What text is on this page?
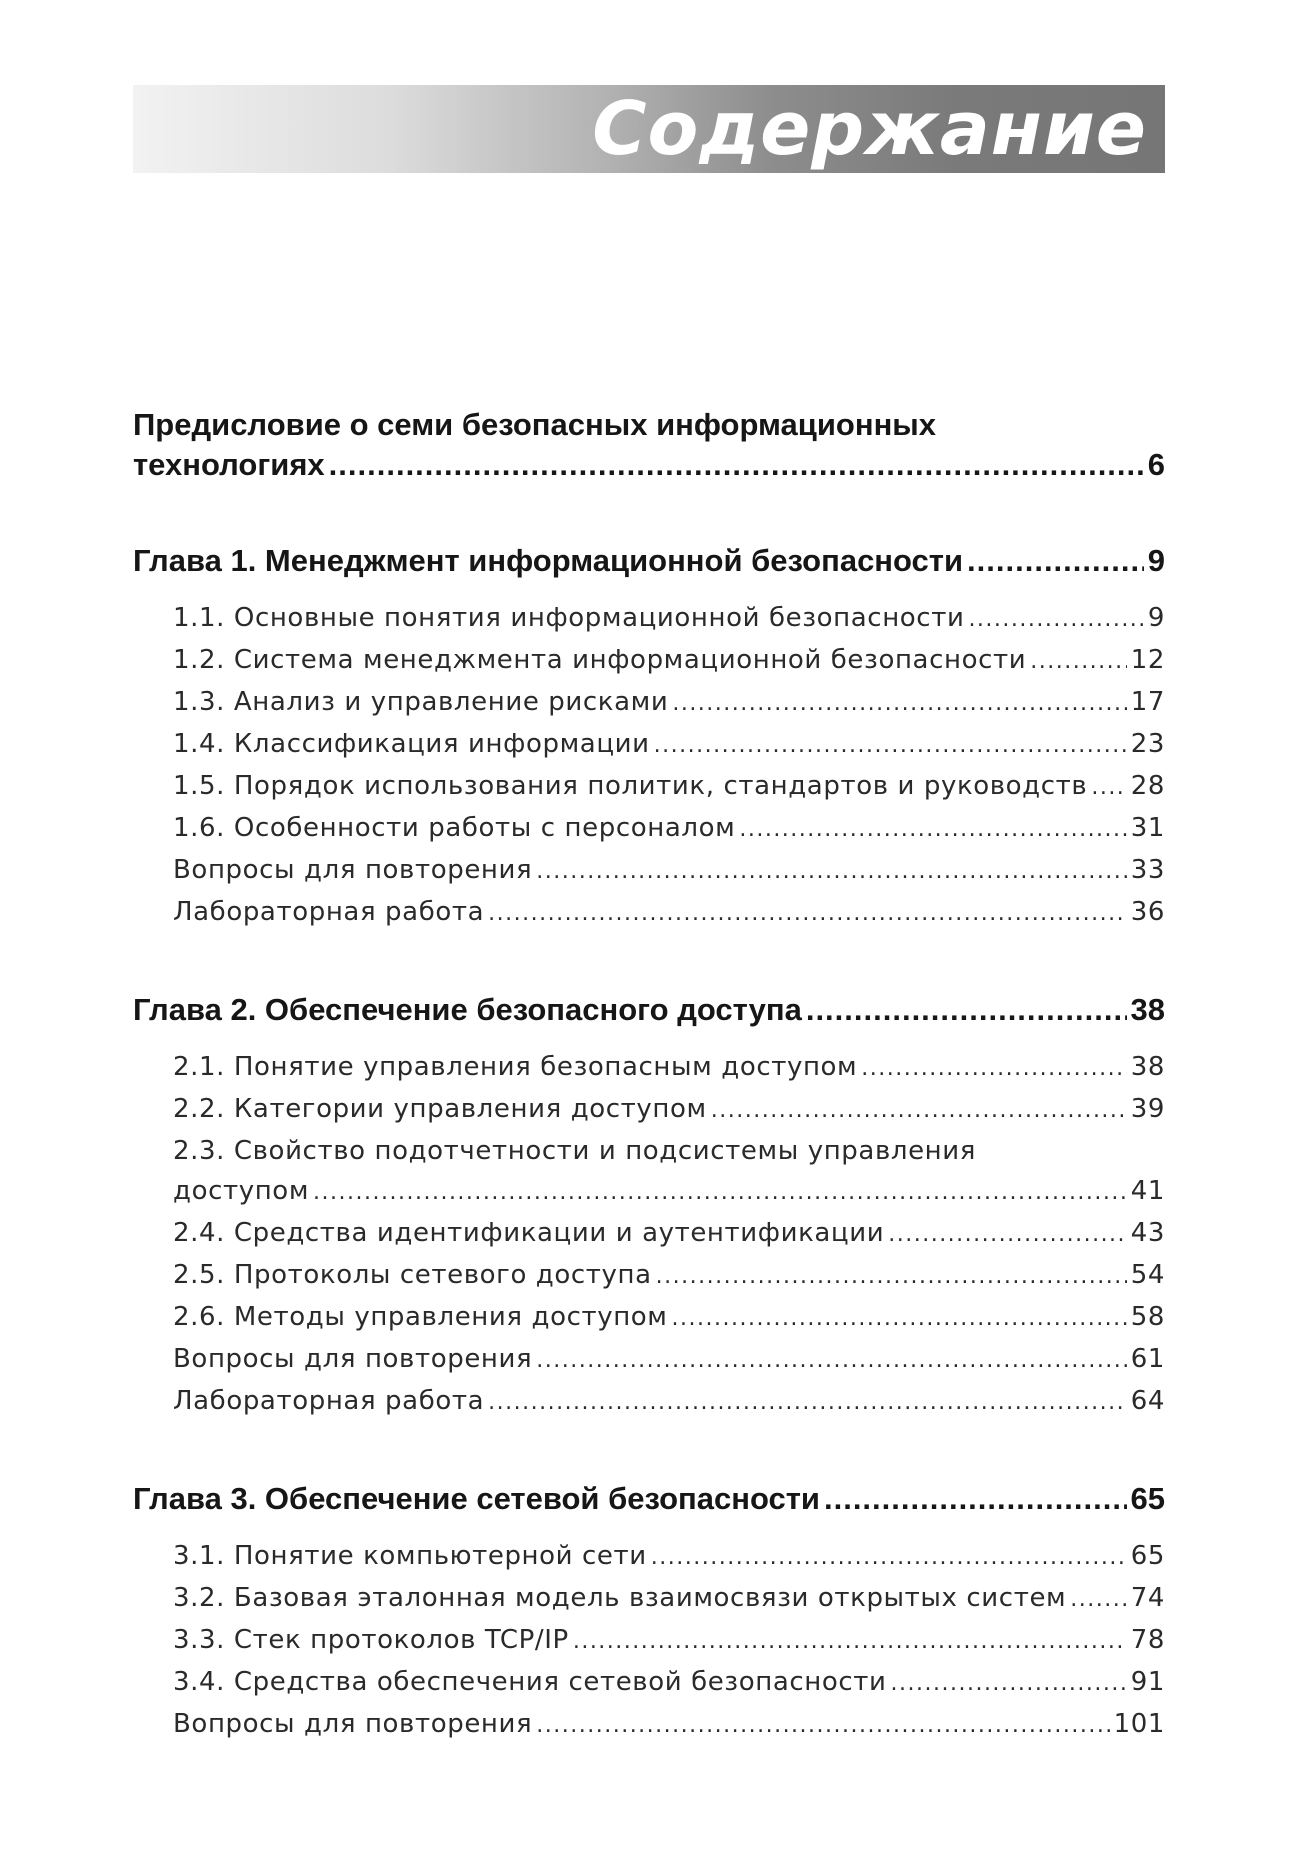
Содержание
Предисловие о семи безопасных информационных
технологиях .....	6
Глава 1. Менеджмент информационной безопасности .....	9
1.1. Основные понятия информационной безопасности .....	9
1.2. Система менеджмента информационной безопасности .....	12
1.3. Анализ и управление рисками .....	17
1.4. Классификация информации .....	23
1.5. Порядок использования политик, стандартов и руководств ..... 28
1.6. Особенности работы с персоналом .....	31
Вопросы для повторения .....	33
Лабораторная работа .....	36
Глава 2. Обеспечение безопасного доступа .....	38
2.1. Понятие управления безопасным доступом .....	38
2.2. Категории управления доступом .....	39
2.3. Свойство подотчетности и подсистемы управления
доступом .....	41
2.4. Средства идентификации и аутентификации .....	43
2.5. Протоколы сетевого доступа .....	54
2.6. Методы управления доступом .....	58
Вопросы для повторения .....	61
Лабораторная работа .....	64
Глава 3. Обеспечение сетевой безопасности .....	65
3.1. Понятие компьютерной сети .....	65
3.2. Базовая эталонная модель взаимосвязи открытых систем ..... 74
3.3. Стек протоколов TCP/IP .....	78
3.4. Средства обеспечения сетевой безопасности .....	91
Вопросы для повторения .....	101
